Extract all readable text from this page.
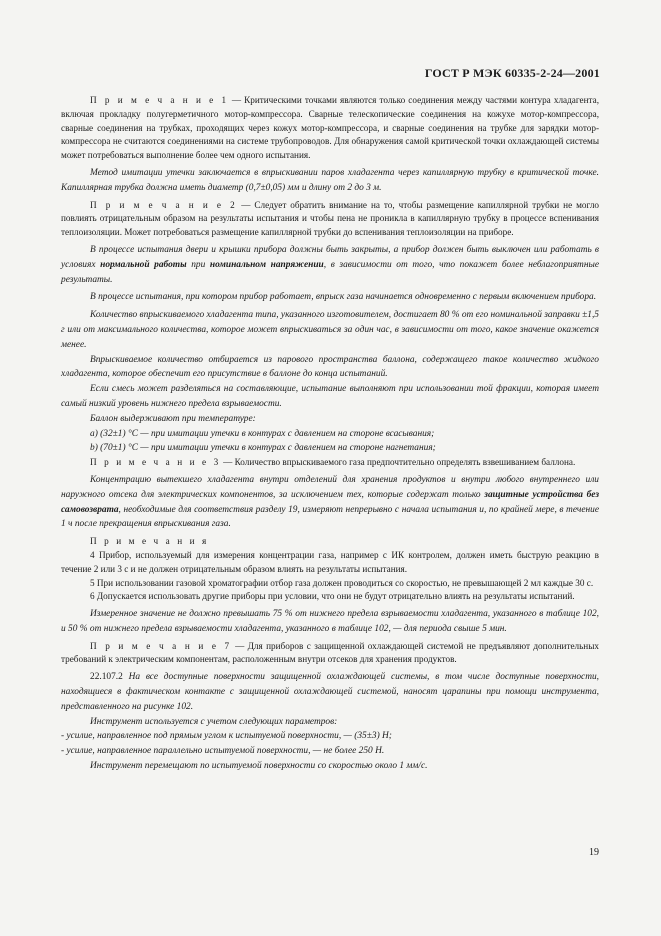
ГОСТ Р МЭК 60335-2-24—2001

П р и м е ч а н и е 1 — Критическими точками являются только соединения между частями контура хладагента, включая прокладку полугерметичного мотор-компрессора. Сварные телескопические соединения на кожухе мотор-компрессора, сварные соединения на трубках, проходящих через кожух мотор-компрессора, и сварные соединения на трубке для зарядки мотор-компрессора не считаются соединениями на системе трубопроводов. Для обнаружения самой критической точки охлаждающей системы может потребоваться выполнение более чем одного испытания.

Метод имитации утечки заключается в впрыскивании паров хладагента через капиллярную трубку в критической точке. Капиллярная трубка должна иметь диаметр (0,7±0,05) мм и длину от 2 до 3 м.

П р и м е ч а н и е 2 — Следует обратить внимание на то, чтобы размещение капиллярной трубки не могло повлиять отрицательным образом на результаты испытания и чтобы пена не проникла в капиллярную трубку в процессе вспенивания теплоизоляции. Может потребоваться размещение капиллярной трубки до вспенивания теплоизоляции на приборе.

В процессе испытания двери и крышки прибора должны быть закрыты, а прибор должен быть выключен или работать в условиях нормальной работы при номинальном напряжении, в зависимости от того, что покажет более неблагоприятные результаты.

В процессе испытания, при котором прибор работает, впрыск газа начинается одновременно с первым включением прибора.

Количество впрыскиваемого хладагента типа, указанного изготовителем, достигает 80 % от его номинальной заправки ±1,5 г или от максимального количества, которое может впрыскиваться за один час, в зависимости от того, какое значение окажется менее.

Впрыскиваемое количество отбирается из парового пространства баллона, содержащего такое количество жидкого хладагента, которое обеспечит его присутствие в баллоне до конца испытаний.

Если смесь может разделяться на составляющие, испытание выполняют при использовании той фракции, которая имеет самый низкий уровень нижнего предела взрываемости.

Баллон выдерживают при температуре:

a) (32±1) °С — при имитации утечки в контурах с давлением на стороне всасывания;

b) (70±1) °С — при имитации утечки в контурах с давлением на стороне нагнетания;

П р и м е ч а н и е 3 — Количество впрыскиваемого газа предпочтительно определять взвешиванием баллона.

Концентрацию вытекшего хладагента внутри отделений для хранения продуктов и внутри любого внутреннего или наружного отсека для электрических компонентов, за исключением тех, которые содержат только защитные устройства без самовозврата, необходимые для соответствия разделу 19, измеряют непрерывно с начала испытания и, по крайней мере, в течение 1 ч после прекращения впрыскивания газа.

П р и м е ч а н и я

4 Прибор, используемый для измерения концентрации газа, например с ИК контролем, должен иметь быструю реакцию в течение 2 или 3 с и не должен отрицательным образом влиять на результаты испытания.

5 При использовании газовой хроматографии отбор газа должен проводиться со скоростью, не превышающей 2 мл каждые 30 с.

6 Допускается использовать другие приборы при условии, что они не будут отрицательно влиять на результаты испытаний.

Измеренное значение не должно превышать 75 % от нижнего предела взрываемости хладагента, указанного в таблице 102, и 50 % от нижнего предела взрываемости хладагента, указанного в таблице 102, — для периода свыше 5 мин.

П р и м е ч а н и е 7 — Для приборов с защищенной охлаждающей системой не предъявляют дополнительных требований к электрическим компонентам, расположенным внутри отсеков для хранения продуктов.

22.107.2 На все доступные поверхности защищенной охлаждающей системы, в том числе доступные поверхности, находящиеся в фактическом контакте с защищенной охлаждающей системой, наносят царапины при помощи инструмента, представленного на рисунке 102.

Инструмент используется с учетом следующих параметров:

- усилие, направленное под прямым углом к испытуемой поверхности, — (35±3) Н;

- усилие, направленное параллельно испытуемой поверхности, — не более 250 Н.

Инструмент перемещают по испытуемой поверхности со скоростью около 1 мм/с.

19
